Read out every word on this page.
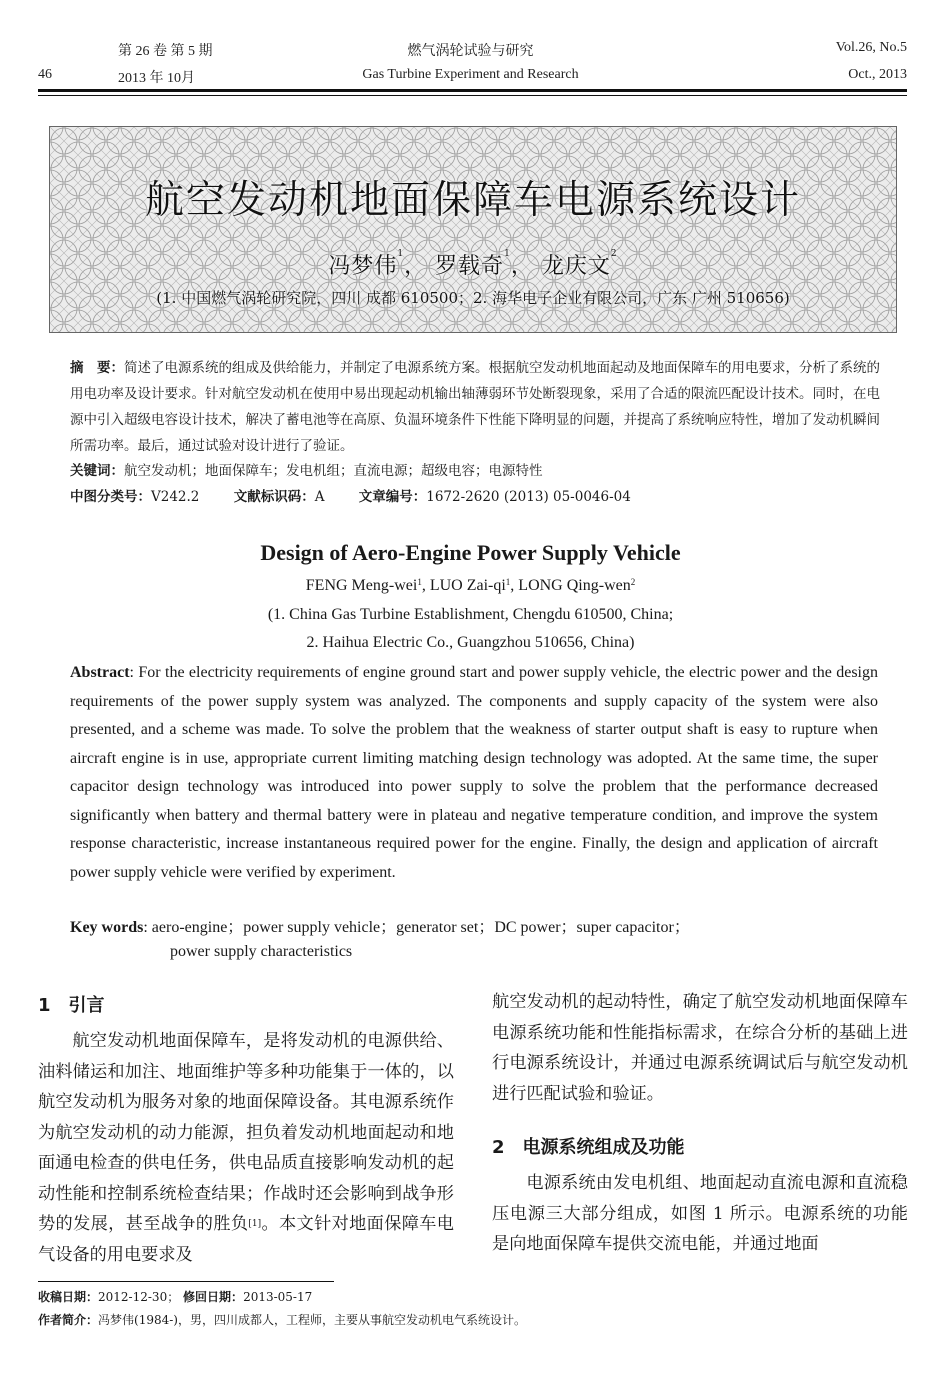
第 26 卷 第 5 期	燃气涡轮试验与研究	Vol.26, No.5
46	2013 年 10月	Gas Turbine Experiment and Research	Oct., 2013
航空发动机地面保障车电源系统设计
冯梦伟$^1$， 罗载奇$^1$， 龙庆文$^2$
(1. 中国燃气涡轮研究院，四川 成都 610500；2. 海华电子企业有限公司，广东 广州 510656)
摘　要：简述了电源系统的组成及供给能力，并制定了电源系统方案。根据航空发动机地面起动及地面保障车的用电要求，分析了系统的用电功率及设计要求。针对航空发动机在使用中易出现起动机输出轴薄弱环节处断裂现象，采用了合适的限流匹配设计技术。同时，在电源中引入超级电容设计技术，解决了蓄电池等在高原、负温环境条件下性能下降明显的问题，并提高了系统响应特性，增加了发动机瞬间所需功率。最后，通过试验对设计进行了验证。
关键词：航空发动机；地面保障车；发电机组；直流电源；超级电容；电源特性
中图分类号：V242.2	文献标识码：A	文章编号：1672-2620 (2013) 05-0046-04
Design of Aero-Engine Power Supply Vehicle
FENG Meng-wei$^1$, LUO Zai-$qi^1$, LONG Qing-wen$^2$
(1. China Gas Turbine Establishment, Chengdu 610500, China;
2. Haihua Electric Co., Guangzhou 510656, China)
Abstract: For the electricity requirements of engine ground start and power supply vehicle, the electric power and the design requirements of the power supply system was analyzed. The components and supply capacity of the system were also presented, and a scheme was made. To solve the problem that the weakness of starter output shaft is easy to rupture when aircraft engine is in use, appropriate current limiting matching design technology was adopted. At the same time, the super capacitor design technology was introduced into power supply to solve the problem that the performance decreased significantly when battery and thermal battery were in plateau and negative temperature condition, and improve the system response characteristic, increase instantaneous required power for the engine. Finally, the design and application of aircraft power supply vehicle were verified by experiment.
Key words: aero-engine；power supply vehicle；generator set；DC power；super capacitor；
power supply characteristics
1　引言

航空发动机地面保障车，是将发动机的电源供给、油料储运和加注、地面维护等多种功能集于一体的，以航空发动机为服务对象的地面保障设备。其电源系统作为航空发动机的动力能源，担负着发动机地面起动和地面通电检查的供电任务，供电品质直接影响发动机的起动性能和控制系统检查结果；作战时还会影响到战争形势的发展，甚至战争的胜负[1]。本文针对地面保障车电气设备的用电要求及

航空发动机的起动特性，确定了航空发动机地面保障车电源系统功能和性能指标需求，在综合分析的基础上进行电源系统设计，并通过电源系统调试后与航空发动机进行匹配试验和验证。

2　电源系统组成及功能

电源系统由发电机组、地面起动直流电源和直流稳压电源三大部分组成，如图 1 所示。电源系统的功能是向地面保障车提供交流电能，并通过地面

收稿日期：2012-12-30； 修回日期：2013-05-17
作者简介：冯梦伟(1984-)，男，四川成都人，工程师，主要从事航空发动机电气系统设计。
